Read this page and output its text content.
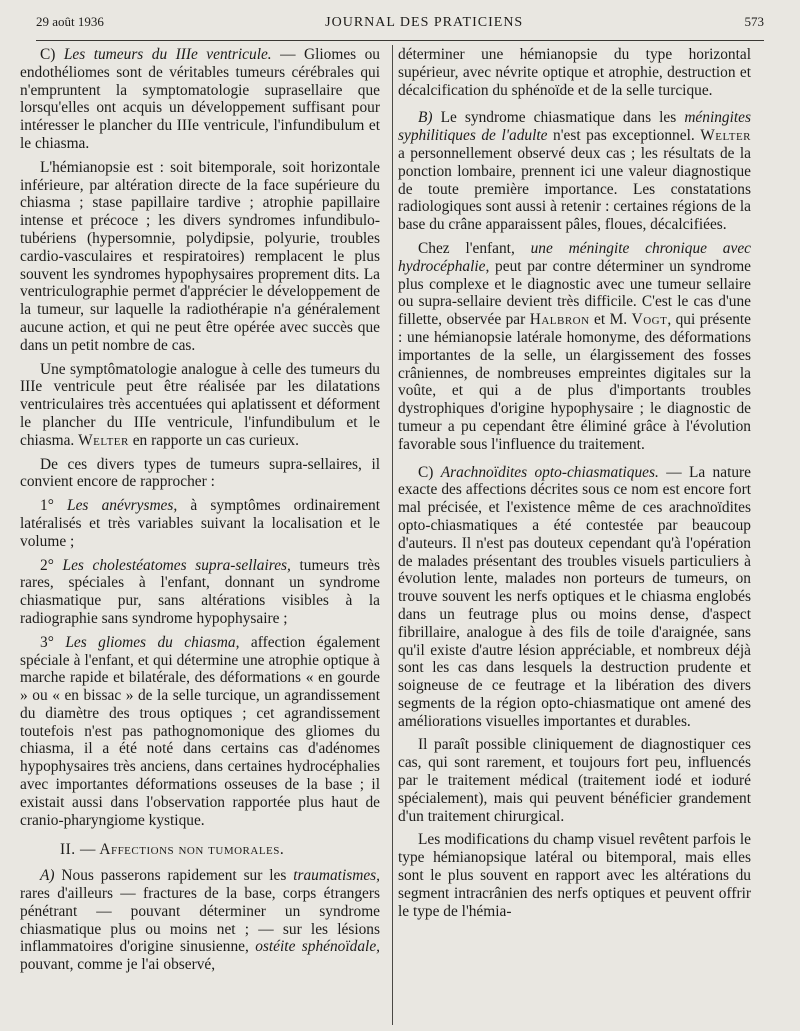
29 août 1936	JOURNAL DES PRATICIENS	573

C) Les tumeurs du IIIe ventricule. — Gliomes ou endothéliomes sont de véritables tumeurs cérébrales qui n'empruntent la symptomatologie suprasellaire que lorsqu'elles ont acquis un développement suffisant pour intéresser le plancher du IIIe ventricule, l'infundibulum et le chiasma.

L'hémianopsie est : soit bitemporale, soit horizontale inférieure, par altération directe de la face supérieure du chiasma ; stase papillaire tardive ; atrophie papillaire intense et précoce ; les divers syndromes infundibulo-tubériens (hypersomnie, polydipsie, polyurie, troubles cardio-vasculaires et respiratoires) remplacent le plus souvent les syndromes hypophysaires proprement dits. La ventriculographie permet d'apprécier le développement de la tumeur, sur laquelle la radiothérapie n'a généralement aucune action, et qui ne peut être opérée avec succès que dans un petit nombre de cas.

Une symptômatologie analogue à celle des tumeurs du IIIe ventricule peut être réalisée par les dilatations ventriculaires très accentuées qui aplatissent et déforment le plancher du IIIe ventricule, l'infundibulum et le chiasma. Welter en rapporte un cas curieux.

De ces divers types de tumeurs supra-sellaires, il convient encore de rapprocher :

1° Les anévrysmes, à symptômes ordinairement latéralisés et très variables suivant la localisation et le volume ;

2° Les cholestéatomes supra-sellaires, tumeurs très rares, spéciales à l'enfant, donnant un syndrome chiasmatique pur, sans altérations visibles à la radiographie sans syndrome hypophysaire ;

3° Les gliomes du chiasma, affection également spéciale à l'enfant, et qui détermine une atrophie optique à marche rapide et bilatérale, des déformations « en gourde » ou « en bissac » de la selle turcique, un agrandissement du diamètre des trous optiques ; cet agrandissement toutefois n'est pas pathognomonique des gliomes du chiasma, il a été noté dans certains cas d'adénomes hypophysaires très anciens, dans certaines hydrocéphalies avec importantes déformations osseuses de la base ; il existait aussi dans l'observation rapportée plus haut de cranio-pharyngiome kystique.

II. — Affections non tumorales.

A) Nous passerons rapidement sur les traumatismes, rares d'ailleurs — fractures de la base, corps étrangers pénétrant — pouvant déterminer un syndrome chiasmatique plus ou moins net ; — sur les lésions inflammatoires d'origine sinusienne, ostéite sphénoïdale, pouvant, comme je l'ai observé,

déterminer une hémianopsie du type horizontal supérieur, avec névrite optique et atrophie, destruction et décalcification du sphénoïde et de la selle turcique.

B) Le syndrome chiasmatique dans les méningites syphilitiques de l'adulte n'est pas exceptionnel. Welter a personnellement observé deux cas ; les résultats de la ponction lombaire, prennent ici une valeur diagnostique de toute première importance. Les constatations radiologiques sont aussi à retenir : certaines régions de la base du crâne apparaissent pâles, floues, décalcifiées.

Chez l'enfant, une méningite chronique avec hydrocéphalie, peut par contre déterminer un syndrome plus complexe et le diagnostic avec une tumeur sellaire ou supra-sellaire devient très difficile. C'est le cas d'une fillette, observée par Halbron et M. Vogt, qui présente : une hémianopsie latérale homonyme, des déformations importantes de la selle, un élargissement des fosses crâniennes, de nombreuses empreintes digitales sur la voûte, et qui a de plus d'importants troubles dystrophiques d'origine hypophysaire ; le diagnostic de tumeur a pu cependant être éliminé grâce à l'évolution favorable sous l'influence du traitement.

C) Arachnoïdites opto-chiasmatiques. — La nature exacte des affections décrites sous ce nom est encore fort mal précisée, et l'existence même de ces arachnoïdites opto-chiasmatiques a été contestée par beaucoup d'auteurs. Il n'est pas douteux cependant qu'à l'opération de malades présentant des troubles visuels particuliers à évolution lente, malades non porteurs de tumeurs, on trouve souvent les nerfs optiques et le chiasma englobés dans un feutrage plus ou moins dense, d'aspect fibrillaire, analogue à des fils de toile d'araignée, sans qu'il existe d'autre lésion appréciable, et nombreux déjà sont les cas dans lesquels la destruction prudente et soigneuse de ce feutrage et la libération des divers segments de la région opto-chiasmatique ont amené des améliorations visuelles importantes et durables.

Il paraît possible cliniquement de diagnostiquer ces cas, qui sont rarement, et toujours fort peu, influencés par le traitement médical (traitement iodé et ioduré spécialement), mais qui peuvent bénéficier grandement d'un traitement chirurgical.

Les modifications du champ visuel revêtent parfois le type hémianopsique latéral ou bitemporal, mais elles sont le plus souvent en rapport avec les altérations du segment intracrânien des nerfs optiques et peuvent offrir le type de l'hémia-
